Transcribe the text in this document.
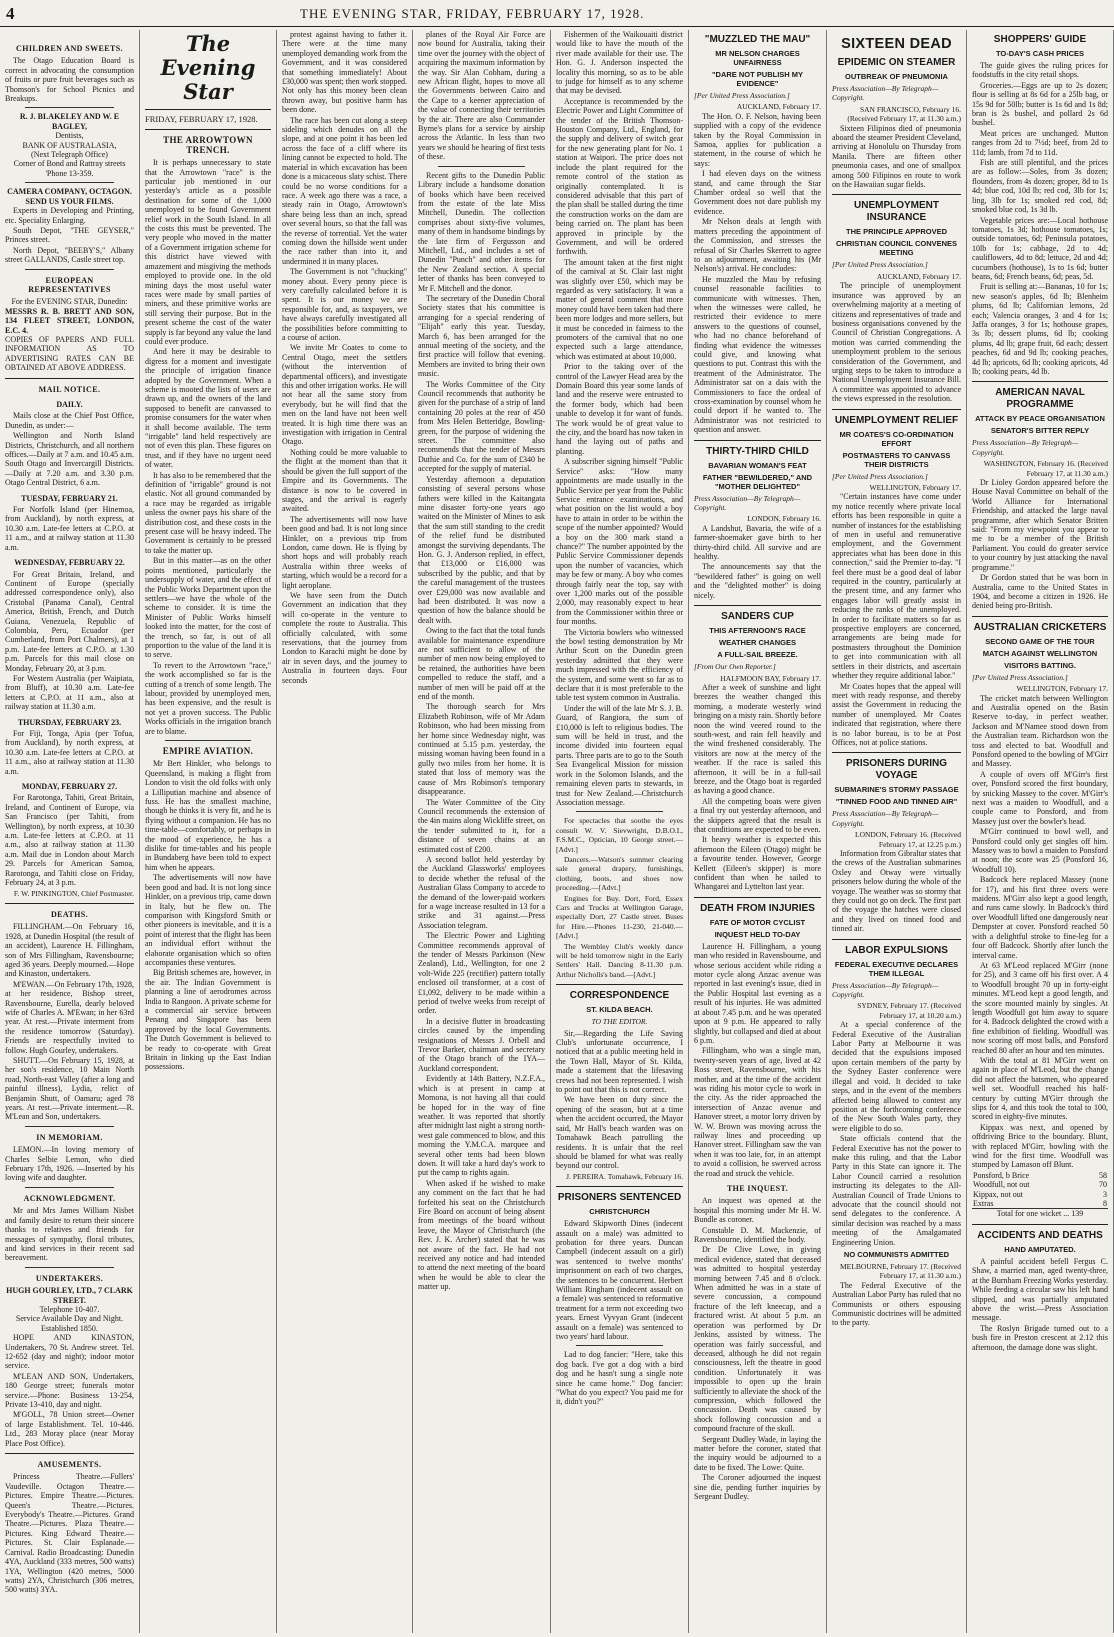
4	THE EVENING STAR, FRIDAY, FEBRUARY 17, 1928.
CHILDREN AND SWEETS.

The Otago Education Board is correct in advocating the consumption of fruits or pure fruit beverages such as Thomson's for School Picnics and Breakups.

R. J. BLAKELEY AND W. E BAGLEY,
Dentists,
BANK OF AUSTRALASIA,
(Next Telegraph Office)
Corner of Bond and Rattray streets
'Phone 13-359.
CAMERA COMPANY, OCTAGON. SEND US YOUR FILMS.

Experts in Developing and Printing, etc. Speciality Enlarging.

South Depot, "THE GEYSER," Princes street.

North Depot, "BEEBY'S," Albany street GALLANDS, Castle street top.

EUROPEAN REPRESENTATIVES
For the EVENING STAR, Dunedin:
MESSRS R. B. BRETT AND SON, 134 FLEET STREET, LONDON, E.C. 4.
COPIES OF PAPERS AND FULL INFORMATION AS TO ADVERTISING RATES CAN BE OBTAINED AT ABOVE ADDRESS.
MAIL NOTICE.
DAILY.

Mails close at the Chief Post Office, Dunedin, as under:—

Wellington and North Island Districts, Christchurch, and all northern offices.—Daily at 7 a.m. and 10.45 a.m. South Otago and Invercargill Districts.—Daily at 7.20 a.m. and 3.30 p.m. Otago Central District, 6 a.m.

TUESDAY, FEBRUARY 21.

For Norfolk Island (per Hinemoa, from Auckland), by north express, at 10.30 a.m. Late-fee letters at C.P.O. at 11 a.m., and at railway station at 11.30 a.m.

WEDNESDAY, FEBRUARY 22.

For Great Britain, Ireland, and Continent of Europe (specially addressed correspondence only), also Cristobal (Panama Canal), Central America, British, French, and Dutch Guiana, Venezuela, Republic of Colombia, Peru, Ecuador (per Cumberland, from Port Chalmers), at 1 p.m. Late-fee letters at C.P.O. at 1.30 p.m. Parcels for this mail close on Monday, February 20, at 3 p.m.

For Western Australia (per Waipiata, from Bluff), at 10.30 a.m. Late-fee letters at C.P.O. at 11 a.m., also at railway station at 11.30 a.m.

THURSDAY, FEBRUARY 23.

For Fiji, Tonga, Apia (per Tofua, from Auckland), by north express, at 10.30 a.m. Late-fee letters at C.P.O. at 11 a.m., also at railway station at 11.30 a.m.

MONDAY, FEBRUARY 27.

For Rarotonga, Tahiti, Great Britain, Ireland, and Continent of Europe, via San Francisco (per Tahiti, from Wellington), by north express, at 10.30 a.m. Late-fee letters at C.P.O. at 11 a.m., also at railway station at 11.30 a.m. Mail due in London about March 29. Parcels for American Samoa, Rarotonga, and Tahiti close on Friday, February 24, at 3 p.m.

F. W. PINKINGTON, Chief Postmaster.
DEATHS.

FILLINGHAM.—On February 16, 1928, at Dunedin Hospital (the result of an accident), Laurence H. Fillingham, son of Mrs Fillingham, Ravensbourne; aged 36 years. Deeply mourned.—Hope and Kinaston, undertakers.

M'EWAN.—On February 17th, 1928, at her residence, Bishop street, Ravensbourne, Eurella, dearly beloved wife of Charles A. M'Ewan; in her 63rd year. At rest.—Private interment from the residence tomorrow (Saturday). Friends are respectfully invited to follow. Hugh Gourley, undertakers.

SHUTT.—On February 15, 1928, at her son's residence, 10 Main North road, North-east Valley (after a long and painful illness), Lydia, relict of Benjamin Shutt, of Oamaru; aged 78 years. At rest.—Private interment.—R. M'Lean and Son, undertakers.

IN MEMORIAM.

LEMON.—In loving memory of Charles Selbie Lemon, who died February 17th, 1926. —Inserted by his loving wife and daughter.

ACKNOWLEDGMENT.

Mr and Mrs James William Nisbet and family desire to return their sincere thanks to relatives and friends for messages of sympathy, floral tributes, and kind services in their recent sad bereavement.

UNDERTAKERS.
HUGH GOURLEY, LTD., 7 CLARK STREET.
Telephone 10-407.
Service Available Day and Night. Established 1850.

HOPE AND KINASTON, Undertakers, 70 St. Andrew street. Tel. 12-652 (day and night); indoor motor service.

M'LEAN AND SON, Undertakers, 180 George street; funerals motor service.—Phone: Business 13-254, Private 13-410, day and night.

M'GOLL, 78 Union street—Owner of large Establishment. Tel. 10-446. Ltd., 283 Moray place (near Moray Place Post Office).

AMUSEMENTS.

Princess Theatre.—Fullers' Vaudeville. Octagon Theatre.—Pictures. Empire Theatre.—Pictures. Queen's Theatre.—Pictures. Everybody's Theatre.—Pictures. Grand Theatre.—Pictures. Plaza Theatre.—Pictures. King Edward Theatre.—Pictures. St. Clair Esplanade.—Carnival. Radio Broadcasting: Dunedin 4YA, Auckland (333 metres, 500 watts) 1YA, Wellington (420 metres, 5000 watts) 2YA, Christchurch (306 metres, 500 watts) 3YA.

The Evening Star
FRIDAY, FEBRUARY 17, 1928.
THE ARROWTOWN TRENCH.

It is perhaps unnecessary to state that the Arrowtown "race" is the particular job mentioned in our yesterday's article as a possible destination for some of the 1,000 unemployed to be found Government relief work in the South Island. In all the costs this must be prevented. The very people who moved in the matter of a Government irrigation scheme for this district have viewed with amazement and misgiving the methods employed to provide one. In the old mining days the most useful water races were made by small parties of miners, and these primitive works are still serving their purpose. But in the present scheme the cost of the water supply is far beyond any value the land could ever produce.

And here it may be desirable to digress for a moment and investigate the principle of irrigation finance adopted by the Government. When a scheme is mooted the lists of users are drawn up, and the owners of the land supposed to benefit are canvassed to promise consumers for the water when it shall become available. The term "irrigable" land held respectively are not of even this plan. These figures on trust, and if they have no urgent need of water.

It has also to be remembered that the definition of "irrigable" ground is not elastic. Not all ground commanded by a race may be regarded as irrigable unless the owner pays his share of the distribution cost, and these costs in the present case will be heavy indeed. The Government is certainly to be pressed to take the matter up.

But in this matter—as on the other points mentioned, particularly the undersupply of water, and the effect of the Public Works Department upon the settlers—we have the whole of the scheme to consider. It is time the Minister of Public Works himself looked into the matter, for the cost of the trench, so far, is out of all proportion to the value of the land it is to serve.

To revert to the Arrowtown "race," the work accomplished so far is the cutting of a trench of some length. The labour, provided by unemployed men, has been expensive, and the result is not yet a proven success. The Public Works officials in the irrigation branch are to blame.

EMPIRE AVIATION.

Mr Bert Hinkler, who belongs to Queensland, is making a flight from London to visit the old folks with only a Lilliputian machine and absence of fuss. He has the smallest machine, though he thinks it is very fit, and he is flying without a companion. He has no time-table—comfortably, or perhaps in the mood of experience, he has a dislike for time-tables and his people in Bundaberg have been told to expect him when he appears.

The advertisements will now have been good and bad. It is not long since Hinkler, on a previous trip, came down in Italy, but he flew on. The comparison with Kingsford Smith or other pioneers is inevitable, and it is a point of interest that the flight has been an individual effort without the elaborate organisation which so often accompanies these ventures.

Big British schemes are, however, in the air. The Indian Government is planning a line of aerodromes across India to Rangoon. A private scheme for a commercial air service between Penang and Singapore has been approved by the local Governments. The Dutch Government is believed to be ready to co-operate with Great Britain in linking up the East Indian possessions.

protest against having to father it. There were at the time many unemployed demanding work from the Government, and it was considered that something immediately! About £30,000 was spent; then work stopped. Not only has this money been clean thrown away, but positive harm has been done.

The race has been cut along a steep sideling which denudes on all the slope, and at one point it has been led across the face of a cliff where its lining cannot be expected to hold. The material in which excavation has been done is a micaceous slaty schist. There could be no worse conditions for a race. A week ago there was a race, a steady rain in Otago, Arrowtown's share being less than an inch, spread over several hours, so that the fall was the reverse of torrential. Yet the water coming down the hillside went under the race rather than into it, and undermined it in many places.

The Government is not "chucking" money about. Every penny piece is very carefully calculated before it is spent. It is our money we are responsible for, and, as taxpayers, we have always carefully investigated all the possibilities before committing to a course of action.

We invite Mr Coates to come to Central Otago, meet the settlers (without the intervention of departmental officers), and investigate this and other irrigation works. He will not hear all the same story from everybody, but he will find that the men on the land have not been well treated. It is high time there was an investigation with irrigation in Central Otago.

Nothing could be more valuable to the flight at the moment than that it should be given the full support of the Empire and its Governments. The distance is now to be covered in stages, and the arrival is eagerly awaited.

The advertisements will now have been good and bad. It is not long since Hinkler, on a previous trip from London, came down. He is flying by short hops and will probably reach Australia within three weeks of starting, which would be a record for a light aeroplane.

We have seen from the Dutch Government an indication that they will co-operate in the venture to complete the route to Australia. This officially calculated, with some reservations, that the journey from London to Karachi might be done by air in seven days, and the journey to Australia in fourteen days. Four seconds

planes of the Royal Air Force are now bound for Australia, taking their time over the journey with the object of acquiring the maximum information by the way. Sir Alan Cobham, during a new African flight, hopes to move all the Governments between Cairo and the Cape to a keener appreciation of the value of connecting their territories by the air. There are also Commander Byrne's plans for a service by airship across the Atlantic. In less than two years we should be hearing of first tests of these.

Recent gifts to the Dunedin Public Library include a handsome donation of books which have been received from the estate of the late Miss Mitchell, Dunedin. The collection comprises about sixty-five volumes, many of them in handsome bindings by the late firm of Fergusson and Mitchell, Ltd., and includes a set of Dunedin "Punch" and other items for the New Zealand section. A special letter of thanks has been conveyed to Mr F. Mitchell and the donor.

The secretary of the Dunedin Choral Society states that his committee is arranging for a special rendering of "Elijah" early this year. Tuesday, March 6, has been arranged for the annual meeting of the society, and the first practice will follow that evening. Members are invited to bring their own music.

The Works Committee of the City Council recommends that authority be given for the purchase of a strip of land containing 20 poles at the rear of 450 from Mrs Helen Betteridge, Bowling-green, for the purpose of widening the street. The committee also recommends that the tender of Messrs Duthie and Co. for the sum of £340 be accepted for the supply of material.

Yesterday afternoon a deputation consisting of several persons whose fathers were killed in the Kaitangata mine disaster forty-one years ago waited on the Minister of Mines to ask that the sum still standing to the credit of the relief fund be distributed amongst the surviving dependants. The Hon. G. J. Anderson replied, in effect, that £13,000 or £16,000 was subscribed by the public, and that by the careful management of the trustees over £29,000 was now available and had been distributed. It was now a question of how the balance should be dealt with.

Owing to the fact that the total funds available for maintenance expenditure are not sufficient to allow of the number of men now being employed to be retained, the authorities have been compelled to reduce the staff, and a number of men will be paid off at the end of the month.

The thorough search for Mrs Elizabeth Robinson, wife of Mr Adam Robinson, who had been missing from her home since Wednesday night, was continued at 5.15 p.m. yesterday, the missing woman having been found in a gully two miles from her home. It is stated that loss of memory was the cause of Mrs Robinson's temporary disappearance.

The Water Committee of the City Council recommends the extension of the 4in mains along Wickliffe street, on the tender submitted to it, for a distance of seven chains at an estimated cost of £200.

A second ballot held yesterday by the Auckland Glassworks' employees to decide whether the refusal of the Australian Glass Company to accede to the demand of the lower-paid workers for a wage increase resulted in 13 for a strike and 31 against.—Press Association telegram.

The Electric Power and Lighting Committee recommends approval of the tender of Messrs Parkinson (New Zealand), Ltd., Wellington, for one 2 volt-Wide 225 (rectifier) pattern totally enclosed oil transformer, at a cost of £1,092, delivery to be made within a period of twelve weeks from receipt of order.

In a decisive flutter in broadcasting circles caused by the impending resignations of Messrs J. Orbell and Trevor Barker, chairman and secretary of the Otago branch of the IYA—Auckland correspondent.

Evidently at 14th Battery, N.Z.F.A., which is at present in camp at Momona, is not having all that could be hoped for in the way of fine weather. It was reported that shortly after midnight last night a strong north-west gale commenced to blow, and this morning the Y.M.C.A. marquee and several other tents had been blown down. It will take a hard day's work to put the camp to rights again.

When asked if he wished to make any comment on the fact that he had forfeited his seat on the Christchurch Fire Board on account of being absent from meetings of the board without leave, the Mayor of Christchurch (the Rev. J. K. Archer) stated that he was not aware of the fact. He had not received any notice and had intended to attend the next meeting of the board when he would be able to clear the matter up.

Fishermen of the Waikouaiti district would like to have the mouth of the river made available for their use. The Hon. G. J. Anderson inspected the locality this morning, so as to be able to judge for himself as to any scheme that may be devised.

Acceptance is recommended by the Electric Power and Light Committee of the tender of the British Thomson-Houston Company, Ltd., England, for the supply and delivery of switch gear for the new generating plant for No. 1 station at Waipori. The price does not include the plant required for the remote control of the station as originally contemplated. It is considered advisable that this part of the plan shall be stalled during the time the construction works on the dam are being carried on. The plant has been approved in principle by the Government, and will be ordered forthwith.

The amount taken at the first night of the carnival at St. Clair last night was slightly over £50, which may be regarded as very satisfactory. It was a matter of general comment that more money could have been taken had there been more lodges and more sellers, but it must be conceded in fairness to the promoters of the carnival that no one expected such a large attendance, which was estimated at about 10,000.

Prior to the taking over of the control of the Lawyer Head area by the Domain Board this year some lands of land and the reserve were entrusted to the former body, which had been unable to develop it for want of funds. The work would be of great value to the city, and the board has now taken in hand the laying out of paths and planting.

A subscriber signing himself "Public Service" asks: "How many appointments are made usually in the Public Service per year from the Public Service entrance examinations, and what position on the list would a boy have to attain in order to be within the scope of the number appointed? Would a boy on the 300 mark stand a chance?" The number appointed by the Public Service Commissioner depends upon the number of vacancies, which may be few or many. A boy who comes through fairly near the top, say with over 1,200 marks out of the possible 2,000, may reasonably expect to hear from the Commissioner within three or four months.

The Victoria bowlers who witnessed the bowl testing demonstration by Mr Arthur Scott on the Dunedin green yesterday admitted that they were much impressed with the efficiency of the system, and some went so far as to declare that it is most preferable to the table test system common in Australia.

Under the will of the late Mr S. J. B. Guard, of Rangiora, the sum of £10,000 is left to religious bodies. The sum will be held in trust, and the income divided into fourteen equal parts. Three parts are to go to the South Sea Evangelical Mission for mission work in the Solomon Islands, and the remaining eleven parts to stewards, in trust for New Zealand.—Christchurch Association message.

For spectacles that soothe the eyes consult W. V. Sievwright, D.B.O.I., F.S.M.C., Optician, 10 George street.—[Advt.]

Dancers.—Watson's summer clearing sale general drapery, furnishings, clothing, boots, and shoes now proceeding.—[Advt.]

Engines for Buy. Dort, Ford, Essex Cars and Trucks at Wellington Garage, especially Dort, 27 Castle street. Buses for Hire.—Phones 11-230, 21-040.—[Advt.]

The Wembley Club's weekly dance will be held tomorrow night in the Early Settlers' Hall. Dancing 8-11.30 p.m. Arthur Nicholls's band.—[Advt.]

CORRESPONDENCE
ST. KILDA BEACH.
TO THE EDITOR.

Sir,—Regarding the Life Saving Club's unfortunate occurrence, I noticed that at a public meeting held in the Town Hall, Mayor of St. Kilda, made a statement that the lifesaving crews had not been represented. I wish to point out that this is not correct.

We have been on duty since the opening of the season, but at a time when the accident occurred, the Mayor said, Mr Hall's beach warden was on Tomahawk Beach patrolling the residents. It is unfair that the reel should be blamed for what was really beyond our control.

J. PEREIRA. Tomahawk, February 16.
PRISONERS SENTENCED
CHRISTCHURCH

Edward Skipworth Dines (indecent assault on a male) was admitted to probation for three years. Duncan Campbell (indecent assault on a girl) was sentenced to twelve months' imprisonment on each of two charges, the sentences to be concurrent. Herbert William Ringham (indecent assault on a female) was sentenced to reformative treatment for a term not exceeding two years. Ernest Vyvyan Grant (indecent assault on a female) was sentenced to two years' hard labour.

Lad to dog fancier: "Here, take this dog back. I've got a dog with a bird dog and he hasn't sung a single note since he came home." Dog fancier: "What do you expect? You paid me for it, didn't you?"

"MUZZLED THE MAU"
MR NELSON CHARGES UNFAIRNESS
"DARE NOT PUBLISH MY EVIDENCE"
[Per United Press Association.]
AUCKLAND, February 17.

The Hon. O. F. Nelson, having been supplied with a copy of the evidence taken by the Royal Commission in Samoa, applies for publication a statement, in the course of which he says:

I had eleven days on the witness stand, and came through the Star Chamber ordeal so well that the Government does not dare publish my evidence.

Mr Nelson deals at length with matters preceding the appointment of the Commission, and stresses the refusal of Sir Charles Skerrett to agree to an adjournment, awaiting his (Mr Nelson's) arrival. He concludes:

He muzzled the Mau by refusing counsel reasonable facilities to communicate with witnesses. Then, when the witnesses were called, he restricted their evidence to mere answers to the questions of counsel, who had no chance beforehand of finding what evidence the witnesses could give, and knowing what questions to put. Contrast this with the treatment of the Administrator. The Administrator sat on a dais with the Commissioners to face the ordeal of cross-examination by counsel whom he could deport if he wanted to. The Administrator was not restricted to question and answer.

THIRTY-THIRD CHILD
BAVARIAN WOMAN'S FEAT
FATHER "BEWILDERED," AND "MOTHER DELIGHTED"
Press Association—By Telegraph—Copyright.
LONDON, February 16.

A Landshut, Bavaria, the wife of a farmer-shoemaker gave birth to her thirty-third child. All survive and are healthy.

The announcements say that the "bewildered father" is going on well and the "delighted mother" is doing nicely.

SANDERS CUP
THIS AFTERNOON'S RACE
WEATHER CHANGES
A FULL-SAIL BREEZE.
[From Our Own Reporter.]
HALFMOON BAY, February 17.

After a week of sunshine and light breezes the weather changed this morning, a moderate westerly wind bringing on a misty rain. Shortly before noon the wind veered round to the south-west, and rain fell heavily and the wind freshened considerably. The visitors are now at the mercy of the weather. If the race is sailed this afternoon, it will be in a full-sail breeze, and the Otago boat is regarded as having a good chance.

All the competing boats were given a final try out yesterday afternoon, and the skippers agreed that the result is that conditions are expected to be even.

It heavy weather is expected this afternoon the Eileen (Otago) might be a favourite tender. However, George Kellett (Eileen's skipper) is more confident than when he sailed to Whangarei and Lyttelton last year.

DEATH FROM INJURIES
FATE OF MOTOR CYCLIST
INQUEST HELD TO-DAY

Laurence H. Fillingham, a young man who resided in Ravensbourne, and whose serious accident while riding a motor cycle along Anzac avenue was reported in last evening's issue, died in the Public Hospital last evening as a result of his injuries. He was admitted at about 7.45 p.m. and he was operated upon at 9 p.m. He appeared to rally slightly, but collapsed and died at about 6 p.m.

Fillingham, who was a single man, twenty-seven years of age, lived at 42 Ross street, Ravensbourne, with his mother, and at the time of the accident was riding his motor cycle to work in the city. As the rider approached the intersection of Anzac avenue and Hanover street, a motor lorry driven by W. W. Brown was moving across the railway lines and proceeding up Hanover street. Fillingham saw the van when it was too late, for, in an attempt to avoid a collision, he swerved across the road and struck the vehicle.

THE INQUEST.

An inquest was opened at the hospital this morning under Mr H. W. Bundle as coroner.

Constable D. M. Mackenzie, of Ravensbourne, identified the body.

Dr De Clive Lowe, in giving medical evidence, stated that deceased was admitted to hospital yesterday morning between 7.45 and 8 o'clock. When admitted he was in a state of severe concussion, a compound fracture of the left kneecap, and a fractured wrist. At about 5 p.m. an operation was performed by Dr Jenkins, assisted by witness. The operation was fairly successful, and deceased, although he did not regain consciousness, left the theatre in good condition. Unfortunately it was impossible to open up the brain sufficiently to alleviate the shock of the compression, which followed the concussion. Death was caused by shock following concussion and a compound fracture of the skull.

Sergeant Dudley Wade, in laying the matter before the coroner, stated that the inquiry would be adjourned to a date to be fixed. The Lowe: Quite.

The Coroner adjourned the inquest sine die, pending further inquiries by Sergeant Dudley.

SIXTEEN DEAD
EPIDEMIC ON STEAMER
OUTBREAK OF PNEUMONIA
Press Association—By Telegraph—Copyright.
SAN FRANCISCO, February 16. (Received February 17, at 11.30 a.m.)

Sixteen Filipinos died of pneumonia aboard the steamer President Cleveland, arriving at Honolulu on Thursday from Manila. There are fifteen other pneumonia cases, and one of smallpox among 500 Filipinos en route to work on the Hawaiian sugar fields.

UNEMPLOYMENT INSURANCE
THE PRINCIPLE APPROVED
CHRISTIAN COUNCIL CONVENES MEETING
[Per United Press Association.]
AUCKLAND, February 17.

The principle of unemployment insurance was approved by an overwhelming majority at a meeting of citizens and representatives of trade and business organisations convened by the Council of Christian Congregations. A motion was carried commending the unemployment problem to the serious consideration of the Government, and urging steps to be taken to introduce a National Unemployment Insurance Bill. A committee was appointed to advance the views expressed in the resolution.

UNEMPLOYMENT RELIEF
MR COATES'S CO-ORDINATION EFFORT
POSTMASTERS TO CANVASS THEIR DISTRICTS
[Per United Press Association.]
WELLINGTON, February 17.

"Certain instances have come under my notice recently where private local efforts has been responsible in quite a number of instances for the establishing of men in useful and remunerative employment, and the Government appreciates what has been done in this connection," said the Premier to-day. "I feel there must be a good deal of labor required in the country, particularly at the present time, and any farmer who engages labor will greatly assist in reducing the ranks of the unemployed. In order to facilitate matters so far as prospective employers are concerned, arrangements are being made for postmasters throughout the Dominion to get into communication with all settlers in their districts, and ascertain whether they require additional labor."

Mr Coates hopes that the appeal will meet with ready response, and thereby assist the Government in reducing the number of unemployed. Mr Coates indicated that registration, where there is no labor bureau, is to be at Post Offices, not at police stations.

PRISONERS DURING VOYAGE
SUBMARINE'S STORMY PASSAGE
"TINNED FOOD AND TINNED AIR"
Press Association—By Telegraph—Copyright.
LONDON, February 16. (Received February 17, at 12.25 p.m.)

Information from Gibraltar states that the crews of the Australian submarines Oxley and Otway were virtually prisoners below during the whole of the voyage. The weather was so stormy that they could not go on deck. The first part of the voyage the hatches were closed and they lived on tinned food and tinned air.

LABOR EXPULSIONS
FEDERAL EXECUTIVE DECLARES THEM ILLEGAL
Press Association—By Telegraph—Copyright.
SYDNEY, February 17. (Received February 17, at 10.20 a.m.)

At a special conference of the Federal Executive of the Australian Labor Party at Melbourne it was decided that the expulsions imposed upon certain members of the party by the Sydney Easter conference were illegal and void. It decided to take steps, and in the event of the members affected being allowed to contest any position at the forthcoming conference of the New South Wales party, they were eligible to do so.

State officials contend that the Federal Executive has not the power to make this ruling, and that the Labor Party in this State can ignore it. The Labor Council carried a resolution instructing its delegates to the All-Australian Council of Trade Unions to advocate that the council should not send delegates to the conference. A similar decision was reached by a mass meeting of the Amalgamated Engineering Union.

NO COMMUNISTS ADMITTED
MELBOURNE, February 17. (Received February 17, at 11.30 a.m.)

The Federal Executive of the Australian Labor Party has ruled that no Communists or others espousing Communistic doctrines will be admitted to the party.

SHOPPERS' GUIDE
TO-DAY'S CASH PRICES

The guide gives the ruling prices for foodstuffs in the city retail shops.

Groceries.—Eggs are up to 2s dozen; flour is selling at 8s 6d for a 25lb bag, or 15s 9d for 50lb; butter is 1s 6d and 1s 8d; bran is 2s bushel, and pollard 2s 6d bushel.

Meat prices are unchanged. Mutton ranges from 2d to 7½d; beef, from 2d to 11d; lamb, from 7d to 11d.

Fish are still plentiful, and the prices are as follow:—Soles, from 3s dozen; flounders, from 4s dozen; groper, 8d to 1s 4d; blue cod, 10d lb; red cod, 3lb for 1s; ling, 3lb for 1s; smoked red cod, 8d; smoked blue cod, 1s 3d lb.

Vegetable prices are:—Local hothouse tomatoes, 1s 3d; hothouse tomatoes, 1s; outside tomatoes, 6d; Peninsula potatoes, 10lb for 1s; cabbage, 2d to 4d; cauliflowers, 4d to 8d; lettuce, 2d and 4d; cucumbers (hothouse), 1s to 1s 6d; butter beans, 6d; French beans, 6d; peas, 5d.

Fruit is selling at:—Bananas, 10 for 1s; new season's apples, 6d lb; Blenheim plums, 6d lb; Californian lemons, 2d each; Valencia oranges, 3 and 4 for 1s; Jaffa oranges, 3 for 1s; hothouse grapes, 3s lb; dessert plums, 6d lb; cooking plums, 4d lb; grape fruit, 6d each; dessert peaches, 6d and 9d lb; cooking peaches, 4d lb; apricots, 6d lb; cooking apricots, 4d lb; cooking pears, 4d lb.

AMERICAN NAVAL PROGRAMME
ATTACK BY PEACE ORGANISATION
SENATOR'S BITTER REPLY
Press Association—By Telegraph—Copyright.
WASHINGTON, February 16. (Received February 17, at 11.30 a.m.)

Dr Lioley Gordon appeared before the House Naval Committee on behalf of the World Alliance for International Friendship, and attacked the large naval programme, after which Senator Britten said: "From my viewpoint you appear to me to be a member of the British Parliament. You could do greater service to your country by just attacking the naval programme."

Dr Gordon stated that he was born in Australia, came to the United States in 1904, and become a citizen in 1926. He denied being pro-British.

AUSTRALIAN CRICKETERS
SECOND GAME OF THE TOUR
MATCH AGAINST WELLINGTON
VISITORS BATTING.
[Per United Press Association.]
WELLINGTON, February 17.

The cricket match between Wellington and Australia opened on the Basin Reserve to-day, in perfect weather. Jackson and M'Namee stood down from the Australian team. Richardson won the toss and elected to bat. Woodfull and Ponsford opened to the bowling of M'Girr and Massey.

A couple of overs off M'Girr's first over, Ponsford scored the first boundary, by snicking Massey to the cover. M'Girr's next was a maiden to Woodfull, and a couple came to Ponsford, and from Massey just over the bowler's head.

M'Girr continued to bowl well, and Ponsford could only get singles off him. Massey was to bowl a maiden to Ponsford at noon; the score was 25 (Ponsford 16, Woodfull 10).

Badcock here replaced Massey (none for 17), and his first three overs were maidens. M'Girr also kept a good length, and runs came slowly. In Badcock's third over Woodfull lifted one dangerously near Dempster at cover. Ponsford reached 50 with a delightful stroke to fine-leg for a four off Badcock. Shortly after lunch the interval came.

At 63 M'Leod replaced M'Girr (none for 25), and 3 came off his first over. A 4 to Woodfull brought 70 up in forty-eight minutes. M'Leod kept a good length, and the score mounted mainly by singles. At length Woodfull got him away to square for 4. Badcock delighted the crowd with a fine exhibition of fielding. Woodfull was now scoring off most balls, and Ponsford reached 80 after an hour and ten minutes.

With the total at 81 M'Girr went on again in place of M'Leod, but the change did not affect the batsmen, who appeared well set. Woodfull reached his half-century by cutting M'Girr through the slips for 4, and this took the total to 100, scored in eighty-five minutes.

Kippax was next, and opened by offdriving Brice to the boundary. Blunt, with replaced M'Girr, bowling with the wind for the first time. Woodfull was stumped by Lamason off Blunt.

Ponsford, b Brice	58
Woodfull, not out	70
Kippax, not out	3
Extras	8
Total for one wicket ... 139
ACCIDENTS AND DEATHS
HAND AMPUTATED.

A painful accident befell Fergus C. Shaw, a married man, aged twenty-three, at the Burnham Freezing Works yesterday. While feeding a circular saw his left hand slipped, and was partially amputated above the wrist.—Press Association message.

The Roslyn Brigade turned out to a bush fire in Preston crescent at 2.12 this afternoon, the damage done was slight.
